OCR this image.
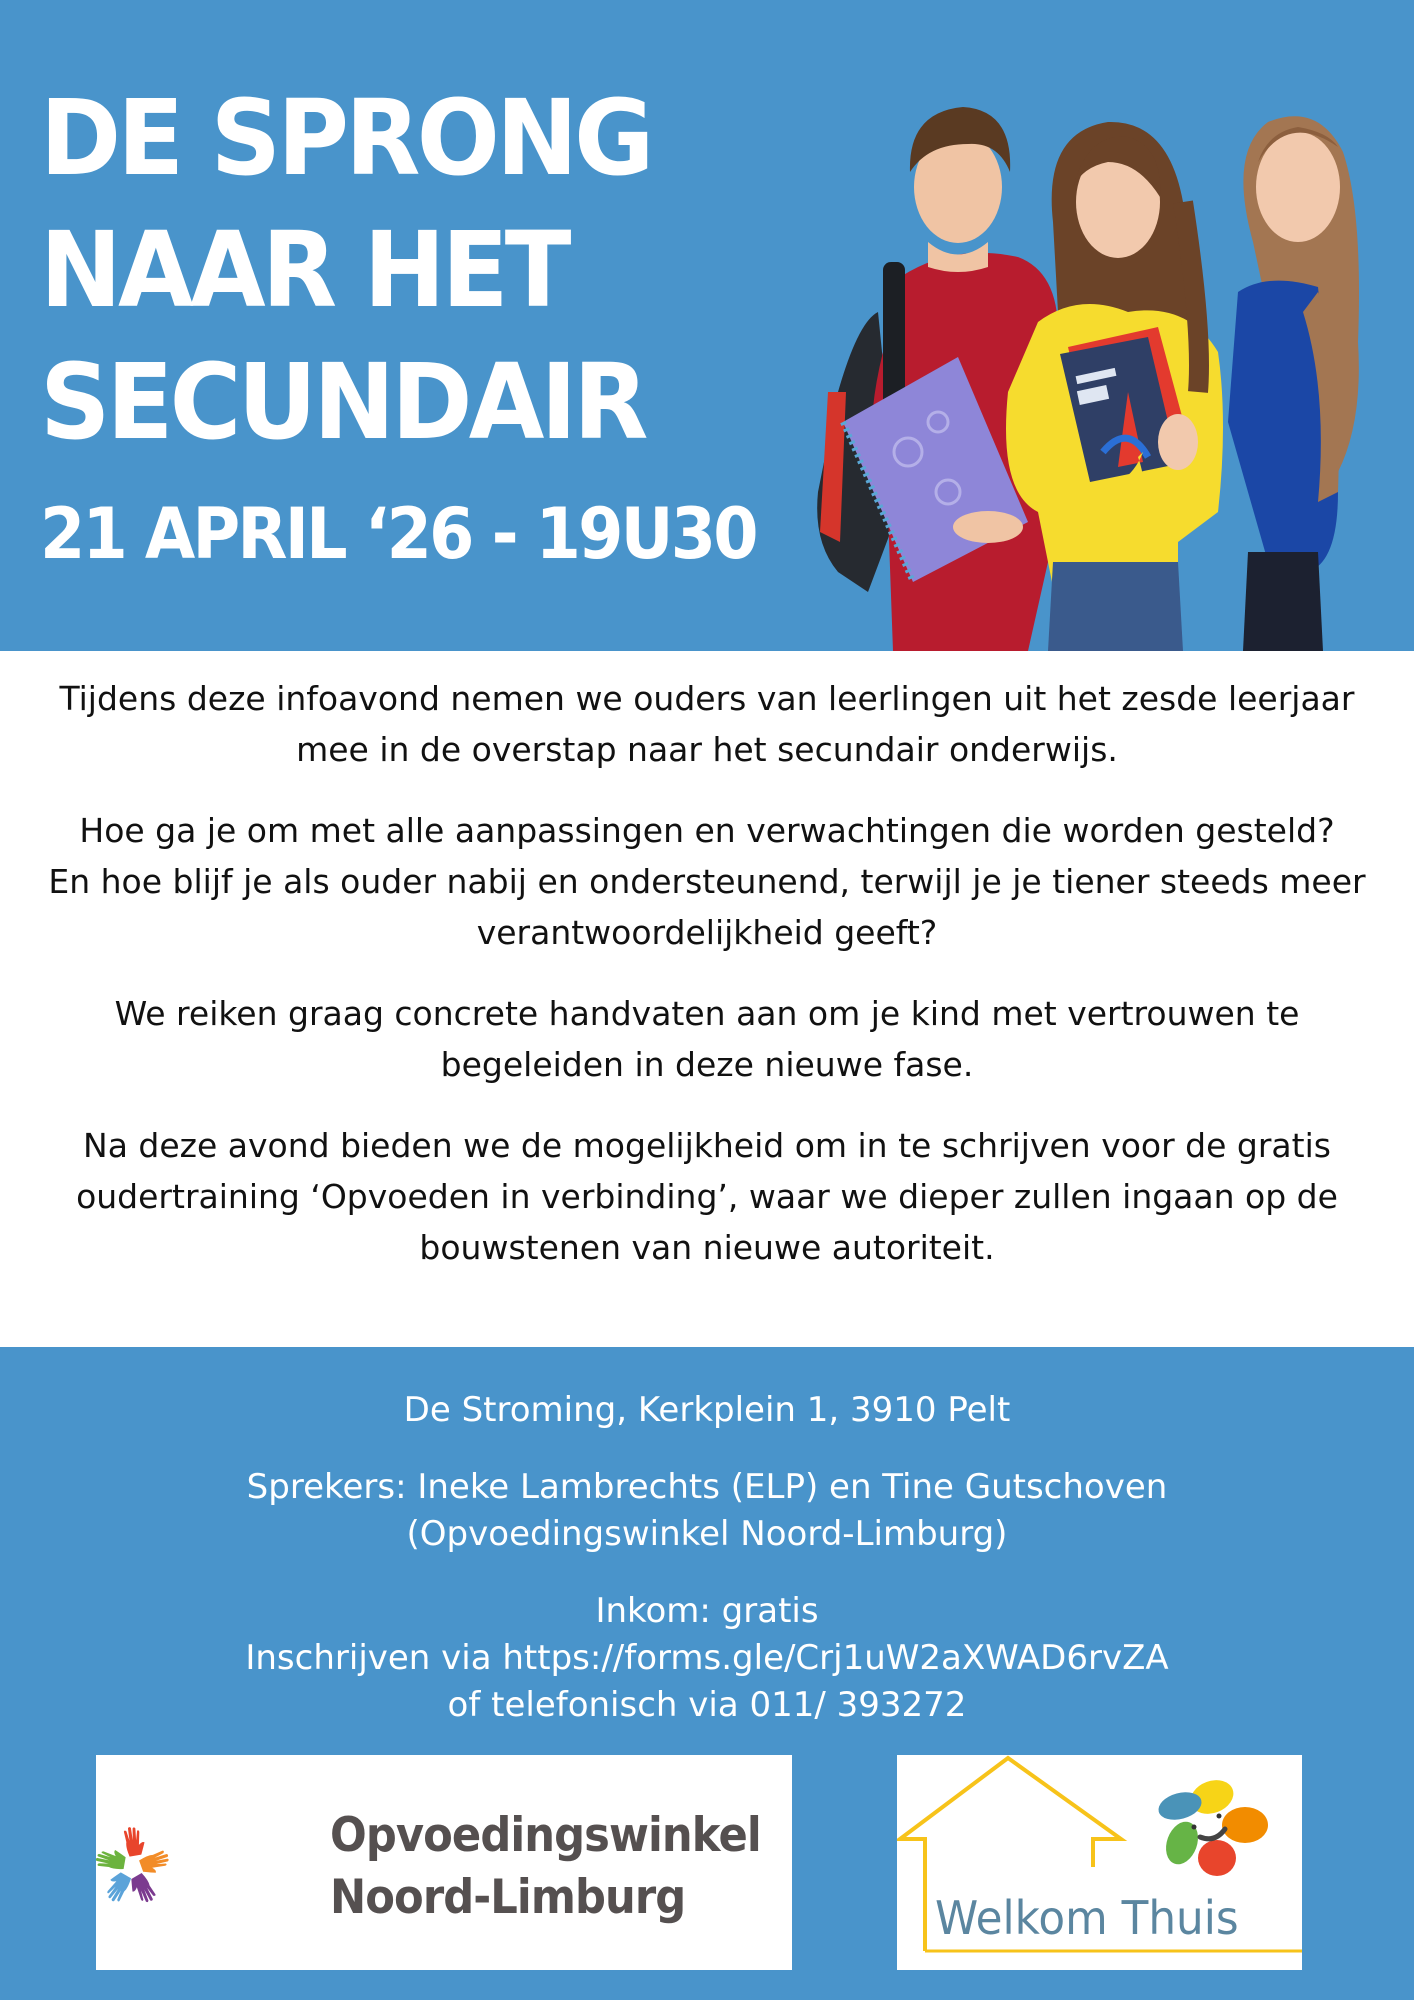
DE SPRONG
NAAR HET
SECUNDAIR
21 APRIL ‘26 - 19U30

Tijdens deze infoavond nemen we ouders van leerlingen uit het zesde leerjaar mee in de overstap naar het secundair onderwijs.

Hoe ga je om met alle aanpassingen en verwachtingen die worden gesteld?

En hoe blijf je als ouder nabij en ondersteunend, terwijl je je tiener steeds meer verantwoordelijkheid geeft?

We reiken graag concrete handvaten aan om je kind met vertrouwen te begeleiden in deze nieuwe fase.

Na deze avond bieden we de mogelijkheid om in te schrijven voor de gratis oudertraining ‘Opvoeden in verbinding’, waar we dieper zullen ingaan op de bouwstenen van nieuwe autoriteit.

De Stroming, Kerkplein 1, 3910 Pelt
Sprekers: Ineke Lambrechts (ELP) en Tine Gutschoven
(Opvoedingswinkel Noord-Limburg)
Inkom: gratis
Inschrijven via https://forms.gle/Crj1uW2aXWAD6rvZA
of telefonisch via 011/ 393272
Opvoedingswinkel
Noord-Limburg	Welkom Thuis
